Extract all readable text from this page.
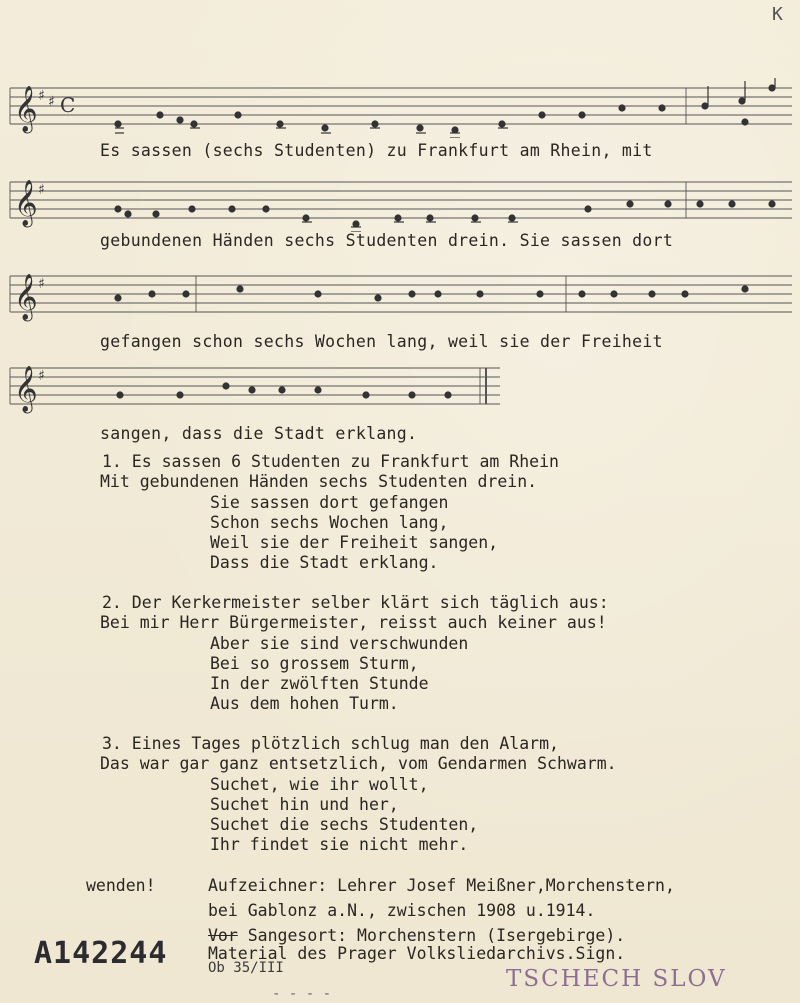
K
𝄞 ♯ ♯ C
Es sassen (sechs Studenten) zu Frankfurt am Rhein, mit
𝄞 ♯
gebundenen Händen sechs Studenten drein. Sie sassen dort
𝄞 ♯
gefangen schon sechs Wochen lang, weil sie der Freiheit
𝄞 ♯
sangen, dass die Stadt erklang.
1. Es sassen 6 Studenten zu Frankfurt am Rhein
Mit gebundenen Händen sechs Studenten drein.
Sie sassen dort gefangen
Schon sechs Wochen lang,
Weil sie der Freiheit sangen,
Dass die Stadt erklang.
2. Der Kerkermeister selber klärt sich täglich aus:
Bei mir Herr Bürgermeister, reisst auch keiner aus!
Aber sie sind verschwunden
Bei so grossem Sturm,
In der zwölften Stunde
Aus dem hohen Turm.
3. Eines Tages plötzlich schlug man den Alarm,
Das war gar ganz entsetzlich, vom Gendarmen Schwarm.
Suchet, wie ihr wollt,
Suchet hin und her,
Suchet die sechs Studenten,
Ihr findet sie nicht mehr.
wenden!	Aufzeichner: Lehrer Josef Meißner,Morchenstern,
bei Gablonz a.N., zwischen 1908 u.1914.
Vor Sangesort: Morchenstern (Isergebirge).
Material des Prager Volksliedarchivs.Sign.
Ob 35/III
- - - -
A142244
TSCHECH SLOV
